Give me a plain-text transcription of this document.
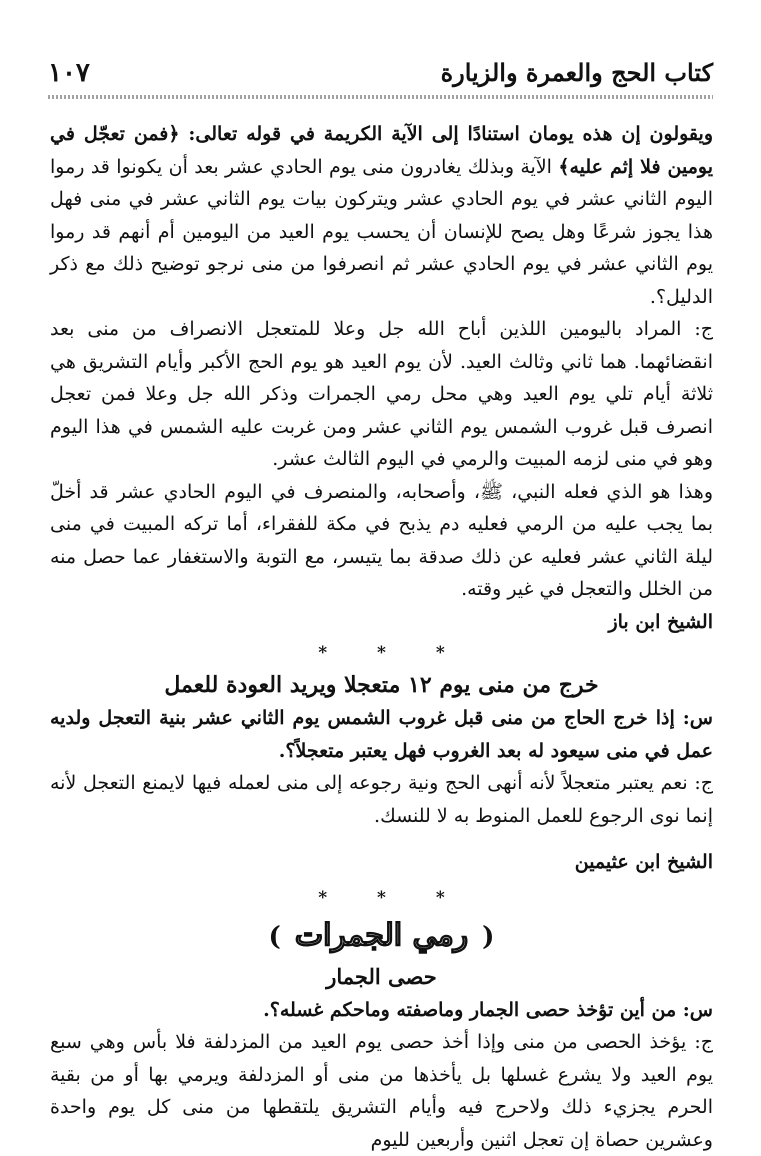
١٠٧	كتاب الحج والعمرة والزيارة

ويقولون إن هذه يومان استنادًا إلى الآية الكريمة في قوله تعالى: ﴿فمن تعجّل في يومين فلا إثم عليه﴾ الآية وبذلك يغادرون منى يوم الحادي عشر بعد أن يكونوا قد رموا اليوم الثاني عشر في يوم الحادي عشر ويتركون بيات يوم الثاني عشر في منى فهل هذا يجوز شرعًا وهل يصح للإنسان أن يحسب يوم العيد من اليومين أم أنهم قد رموا يوم الثاني عشر في يوم الحادي عشر ثم انصرفوا من منى نرجو توضيح ذلك مع ذكر الدليل؟.

ج: المراد باليومين اللذين أباح الله جل وعلا للمتعجل الانصراف من منى بعد انقضائهما. هما ثاني وثالث العيد. لأن يوم العيد هو يوم الحج الأكبر وأيام التشريق هي ثلاثة أيام تلي يوم العيد وهي محل رمي الجمرات وذكر الله جل وعلا فمن تعجل انصرف قبل غروب الشمس يوم الثاني عشر ومن غربت عليه الشمس في هذا اليوم وهو في منى لزمه المبيت والرمي في اليوم الثالث عشر.

وهذا هو الذي فعله النبي، ﷺ، وأصحابه، والمنصرف في اليوم الحادي عشر قد أخلّ بما يجب عليه من الرمي فعليه دم يذبح في مكة للفقراء، أما تركه المبيت في منى ليلة الثاني عشر فعليه عن ذلك صدقة بما يتيسر، مع التوبة والاستغفار عما حصل منه من الخلل والتعجل في غير وقته.

الشيخ ابن باز

* * *

خرج من منى يوم ١٢ متعجلا ويريد العودة للعمل

س: إذا خرج الحاج من منى قبل غروب الشمس يوم الثاني عشر بنية التعجل ولديه عمل في منى سيعود له بعد الغروب فهل يعتبر متعجلاً؟.

ج: نعم يعتبر متعجلاً لأنه أنهى الحج ونية رجوعه إلى منى لعمله فيها لايمنع التعجل لأنه إنما نوى الرجوع للعمل المنوط به لا للنسك.

الشيخ ابن عثيمين

* * *

(رمي الجمرات)

حصى الجمار

س: من أين تؤخذ حصى الجمار وماصفته وماحكم غسله؟.

ج: يؤخذ الحصى من منى وإذا أخذ حصى يوم العيد من المزدلفة فلا بأس وهي سبع يوم العيد ولا يشرع غسلها بل يأخذها من منى أو المزدلفة ويرمي بها أو من بقية الحرم يجزيء ذلك ولاحرج فيه وأيام التشريق يلتقطها من منى كل يوم واحدة وعشرين حصاة إن تعجل اثنين وأربعين لليوم
